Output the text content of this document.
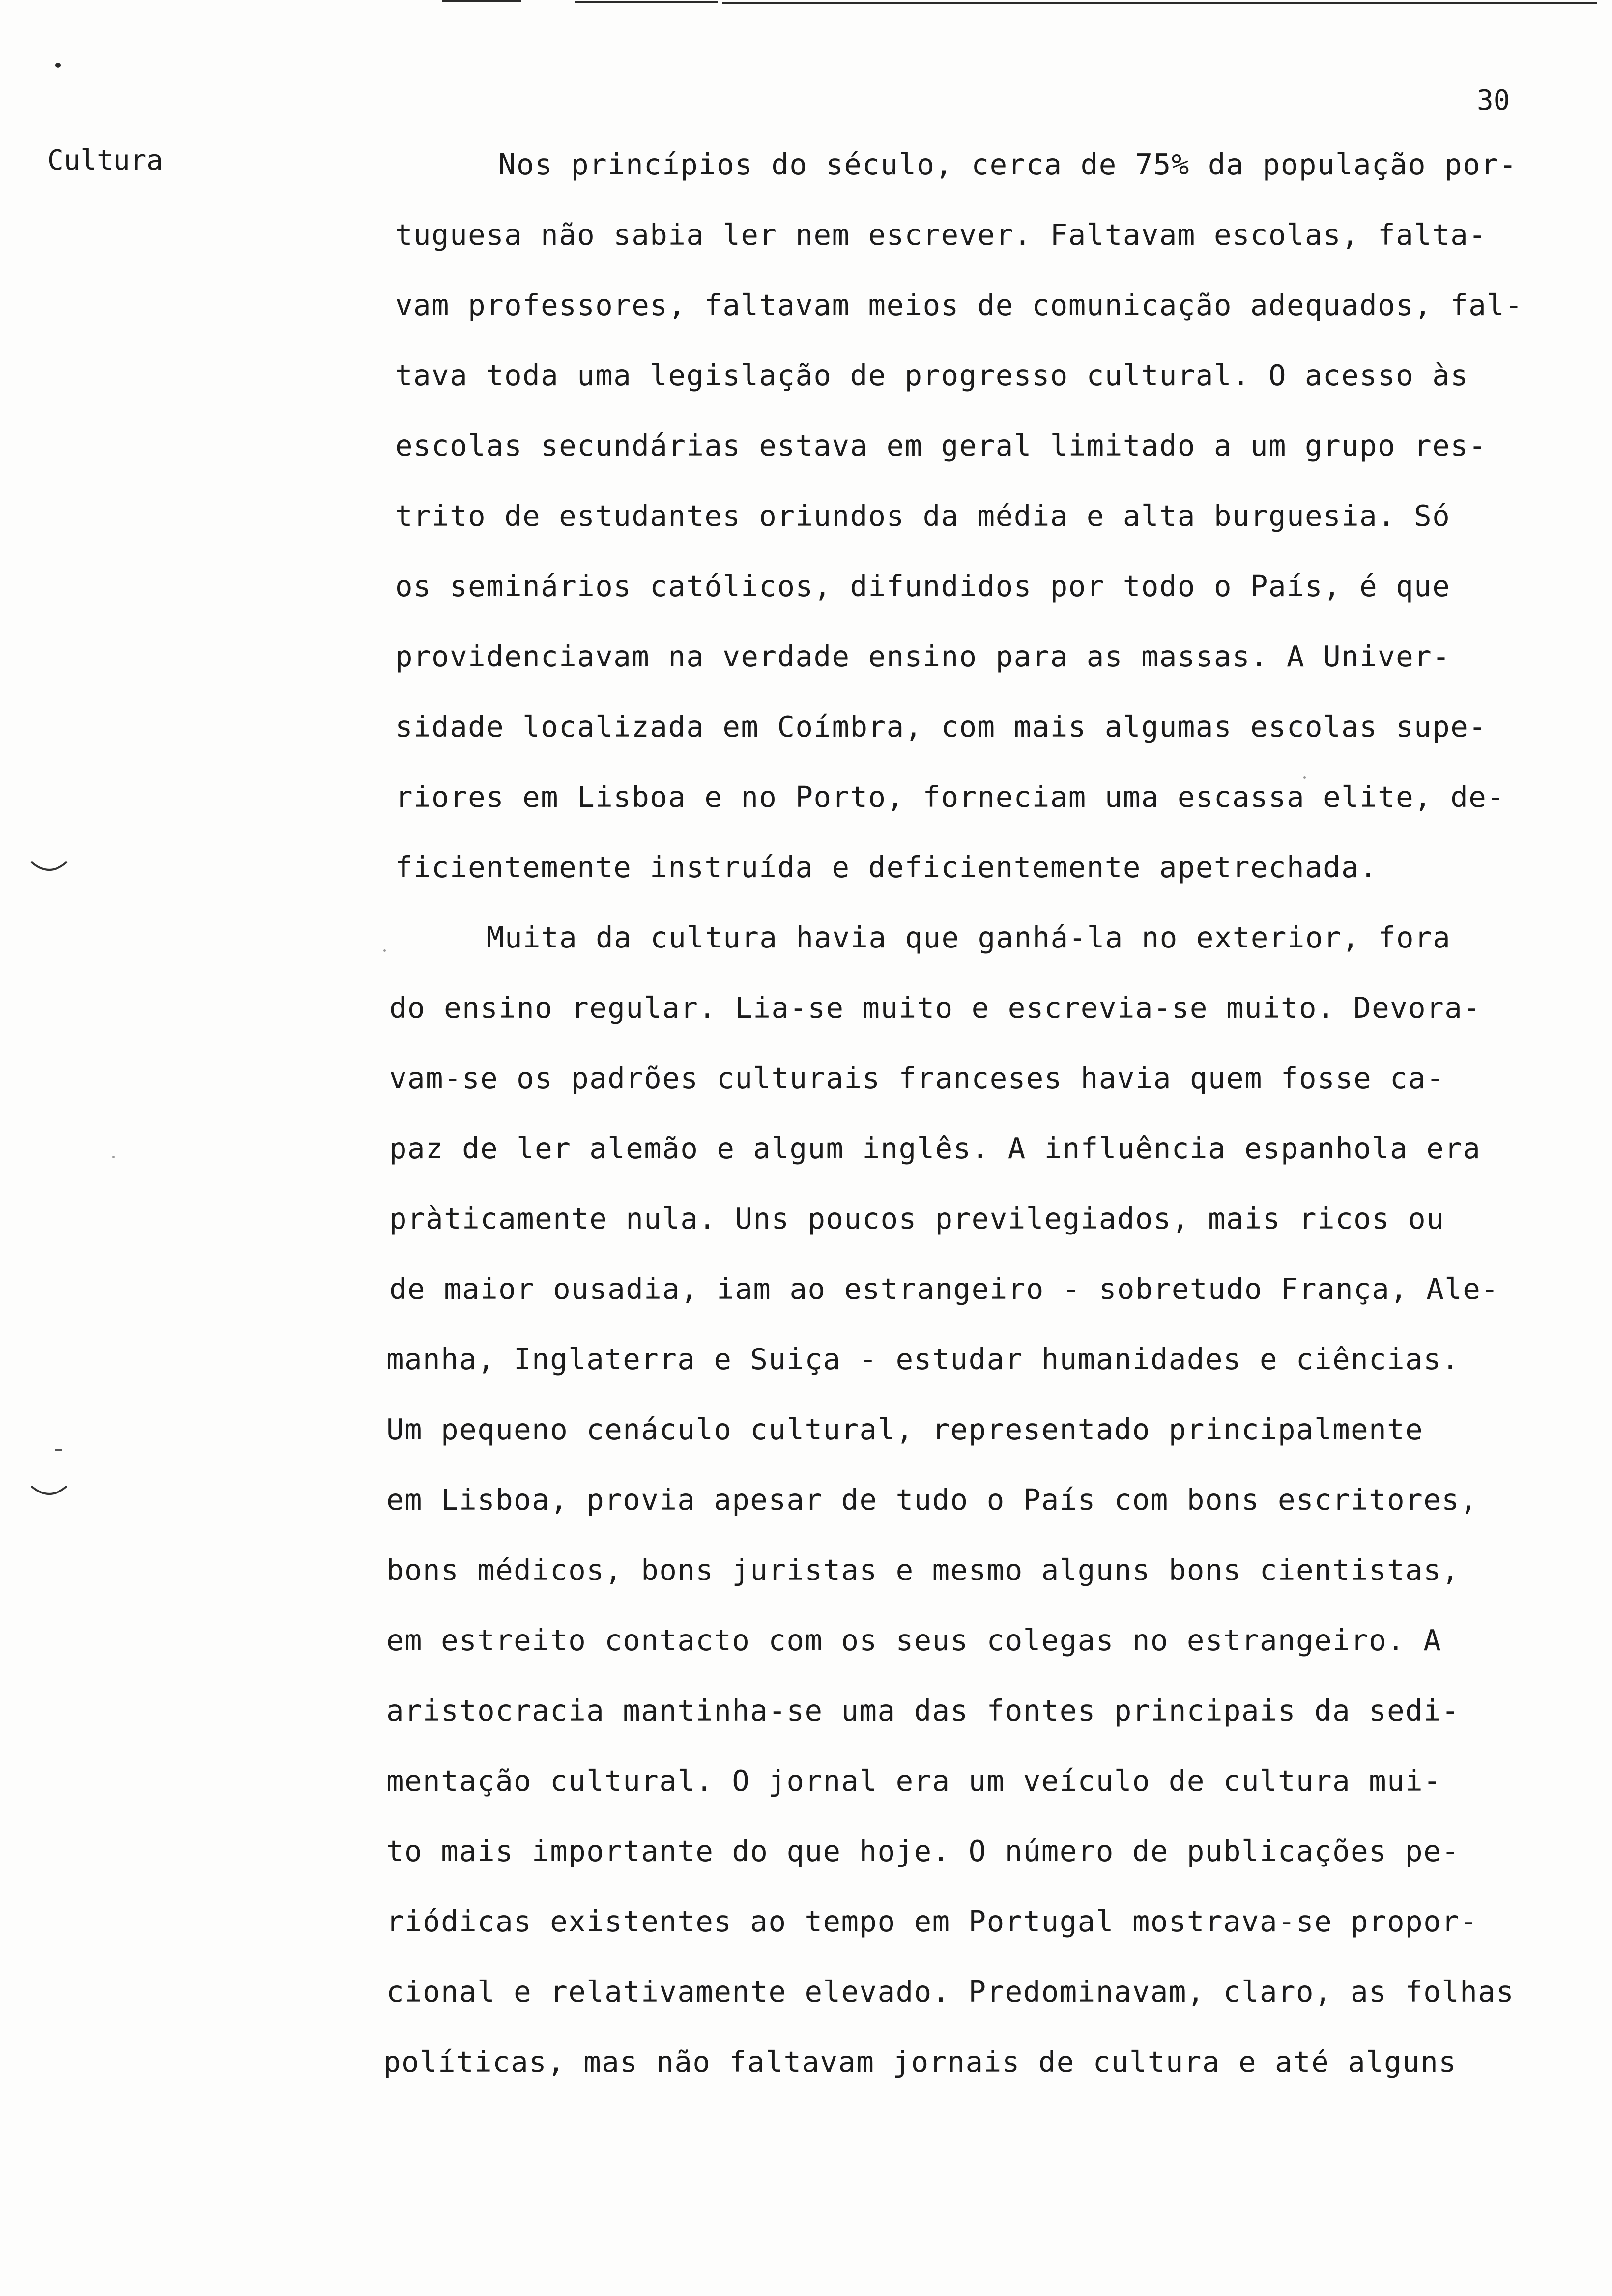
30
Cultura	Nos princípios do século, cerca de 75% da população por-
tuguesa não sabia ler nem escrever. Faltavam escolas, falta-
vam professores, faltavam meios de comunicação adequados, fal-
tava toda uma legislação de progresso cultural. O acesso às
escolas secundárias estava em geral limitado a um grupo res-
trito de estudantes oriundos da média e alta burguesia. Só
os seminários católicos, difundidos por todo o País, é que
providenciavam na verdade ensino para as massas. A Univer-
sidade localizada em Coímbra, com mais algumas escolas supe-
riores em Lisboa e no Porto, forneciam uma escassa elite, de-
ficientemente instruída e deficientemente apetrechada.
Muita da cultura havia que ganhá-la no exterior, fora
do ensino regular. Lia-se muito e escrevia-se muito. Devora-
vam-se os padrões culturais franceses havia quem fosse ca-
paz de ler alemão e algum inglês. A influência espanhola era
pràticamente nula. Uns poucos previlegiados, mais ricos ou
de maior ousadia, iam ao estrangeiro - sobretudo França, Ale-
manha, Inglaterra e Suiça - estudar humanidades e ciências.
Um pequeno cenáculo cultural, representado principalmente
em Lisboa, provia apesar de tudo o País com bons escritores,
bons médicos, bons juristas e mesmo alguns bons cientistas,
em estreito contacto com os seus colegas no estrangeiro. A
aristocracia mantinha-se uma das fontes principais da sedi-
mentação cultural. O jornal era um veículo de cultura mui-
to mais importante do que hoje. O número de publicações pe-
riódicas existentes ao tempo em Portugal mostrava-se propor-
cional e relativamente elevado. Predominavam, claro, as folhas
políticas, mas não faltavam jornais de cultura e até alguns
